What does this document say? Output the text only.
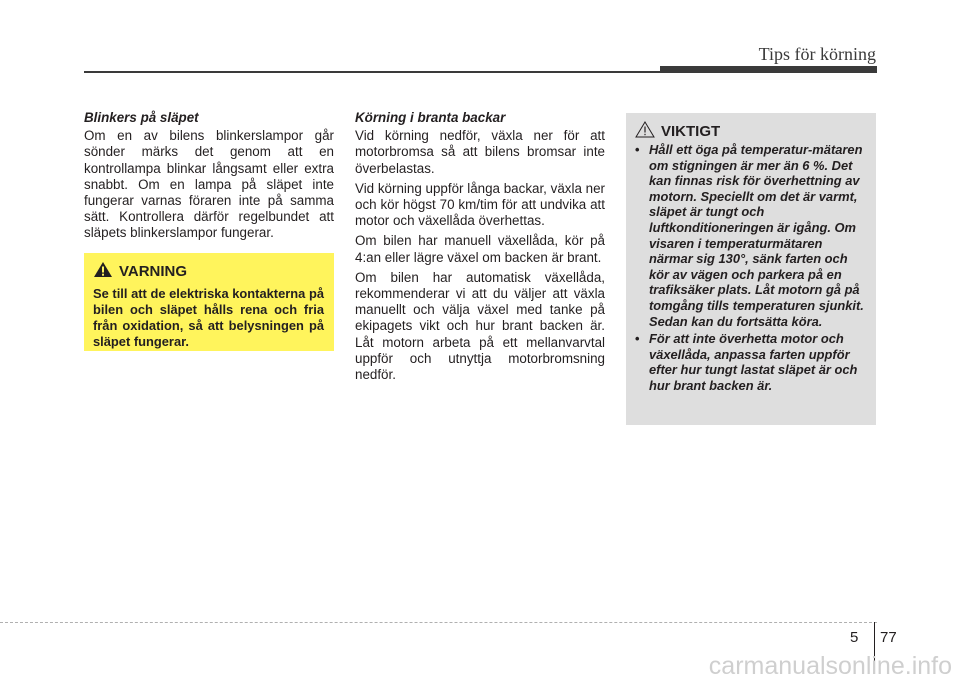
Tips för körning

Blinkers på släpet

Om en av bilens blinkerslampor går sönder märks det genom att en kontrollampa blinkar långsamt eller extra snabbt. Om en lampa på släpet inte fungerar varnas föraren inte på samma sätt. Kontrollera därför regelbundet att släpets blinkerslampor fungerar.

VARNING
Se till att de elektriska kontakterna på bilen och släpet hålls rena och fria från oxidation, så att belysningen på släpet fungerar.

Körning i branta backar

Vid körning nedför, växla ner för att motorbromsa så att bilens bromsar inte överbelastas.

Vid körning uppför långa backar, växla ner och kör högst 70 km/tim för att undvika att motor och växellåda överhettas.

Om bilen har manuell växellåda, kör på 4:an eller lägre växel om backen är brant.

Om bilen har automatisk växellåda, rekommenderar vi att du väljer att växla manuellt och välja växel med tanke på ekipagets vikt och hur brant backen är. Låt motorn arbeta på ett mellanvarvtal uppför och utnyttja motorbromsning nedför.

VIKTIGT
• Håll ett öga på temperatur-mätaren om stigningen är mer än 6 %. Det kan finnas risk för överhettning av motorn. Speciellt om det är varmt, släpet är tungt och luftkonditioneringen är igång. Om visaren i temperaturmätaren närmar sig 130°, sänk farten och kör av vägen och parkera på en trafiksäker plats. Låt motorn gå på tomgång tills temperaturen sjunkit. Sedan kan du fortsätta köra.
• För att inte överhetta motor och växellåda, anpassa farten uppför efter hur tungt lastat släpet är och hur brant backen är.
5 77
carmanualsonline.info
